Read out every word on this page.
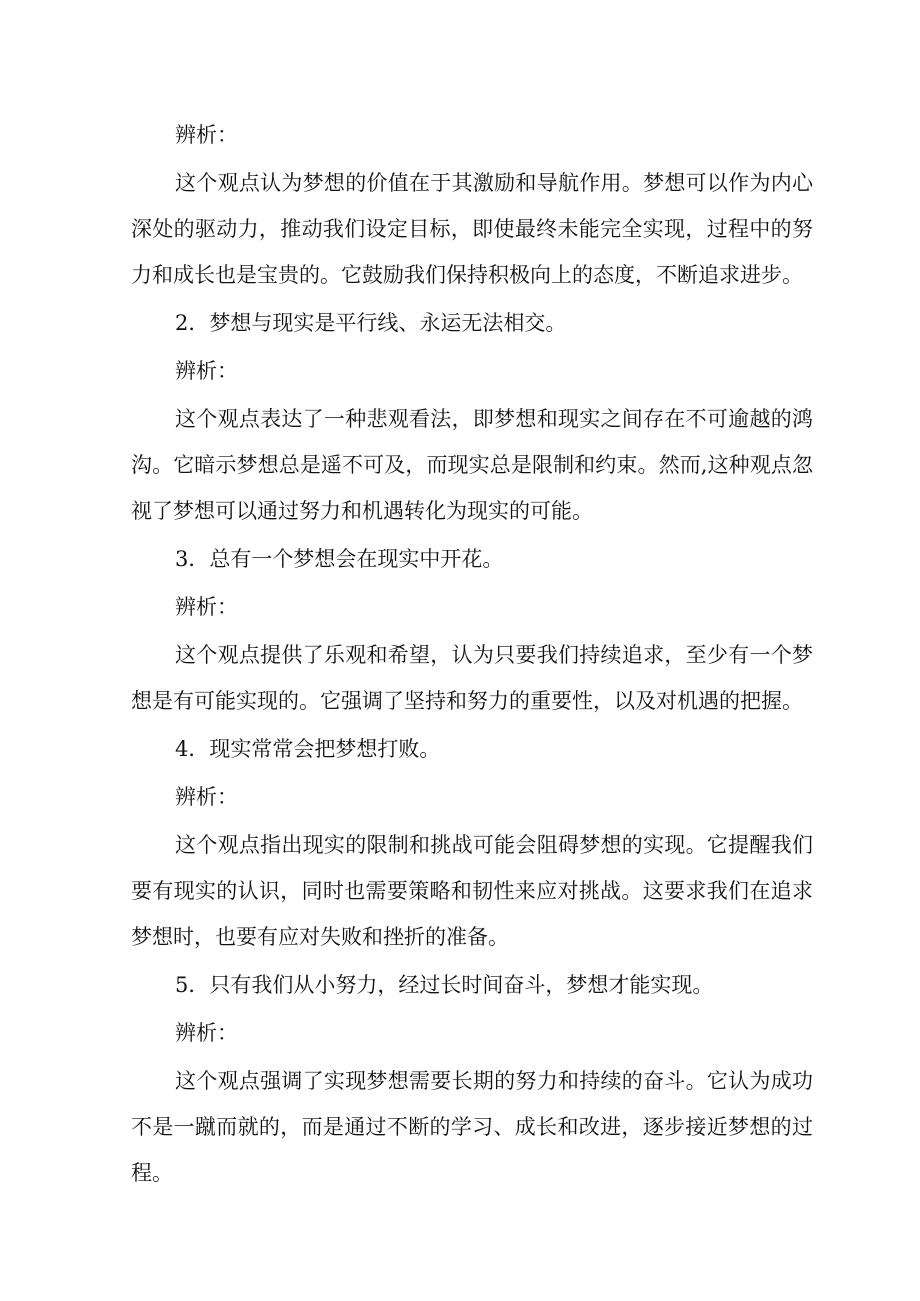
辨析：

这个观点认为梦想的价值在于其激励和导航作用。梦想可以作为内心深处的驱动力，推动我们设定目标，即使最终未能完全实现，过程中的努力和成长也是宝贵的。它鼓励我们保持积极向上的态度，不断追求进步。

2．梦想与现实是平行线、永运无法相交。

辨析：

这个观点表达了一种悲观看法，即梦想和现实之间存在不可逾越的鸿沟。它暗示梦想总是遥不可及，而现实总是限制和约束。然而,这种观点忽视了梦想可以通过努力和机遇转化为现实的可能。

3．总有一个梦想会在现实中开花。

辨析：

这个观点提供了乐观和希望，认为只要我们持续追求，至少有一个梦想是有可能实现的。它强调了坚持和努力的重要性，以及对机遇的把握。

4．现实常常会把梦想打败。

辨析：

这个观点指出现实的限制和挑战可能会阻碍梦想的实现。它提醒我们要有现实的认识，同时也需要策略和韧性来应对挑战。这要求我们在追求梦想时，也要有应对失败和挫折的准备。

5．只有我们从小努力，经过长时间奋斗，梦想才能实现。

辨析：

这个观点强调了实现梦想需要长期的努力和持续的奋斗。它认为成功不是一蹴而就的，而是通过不断的学习、成长和改进，逐步接近梦想的过程。
